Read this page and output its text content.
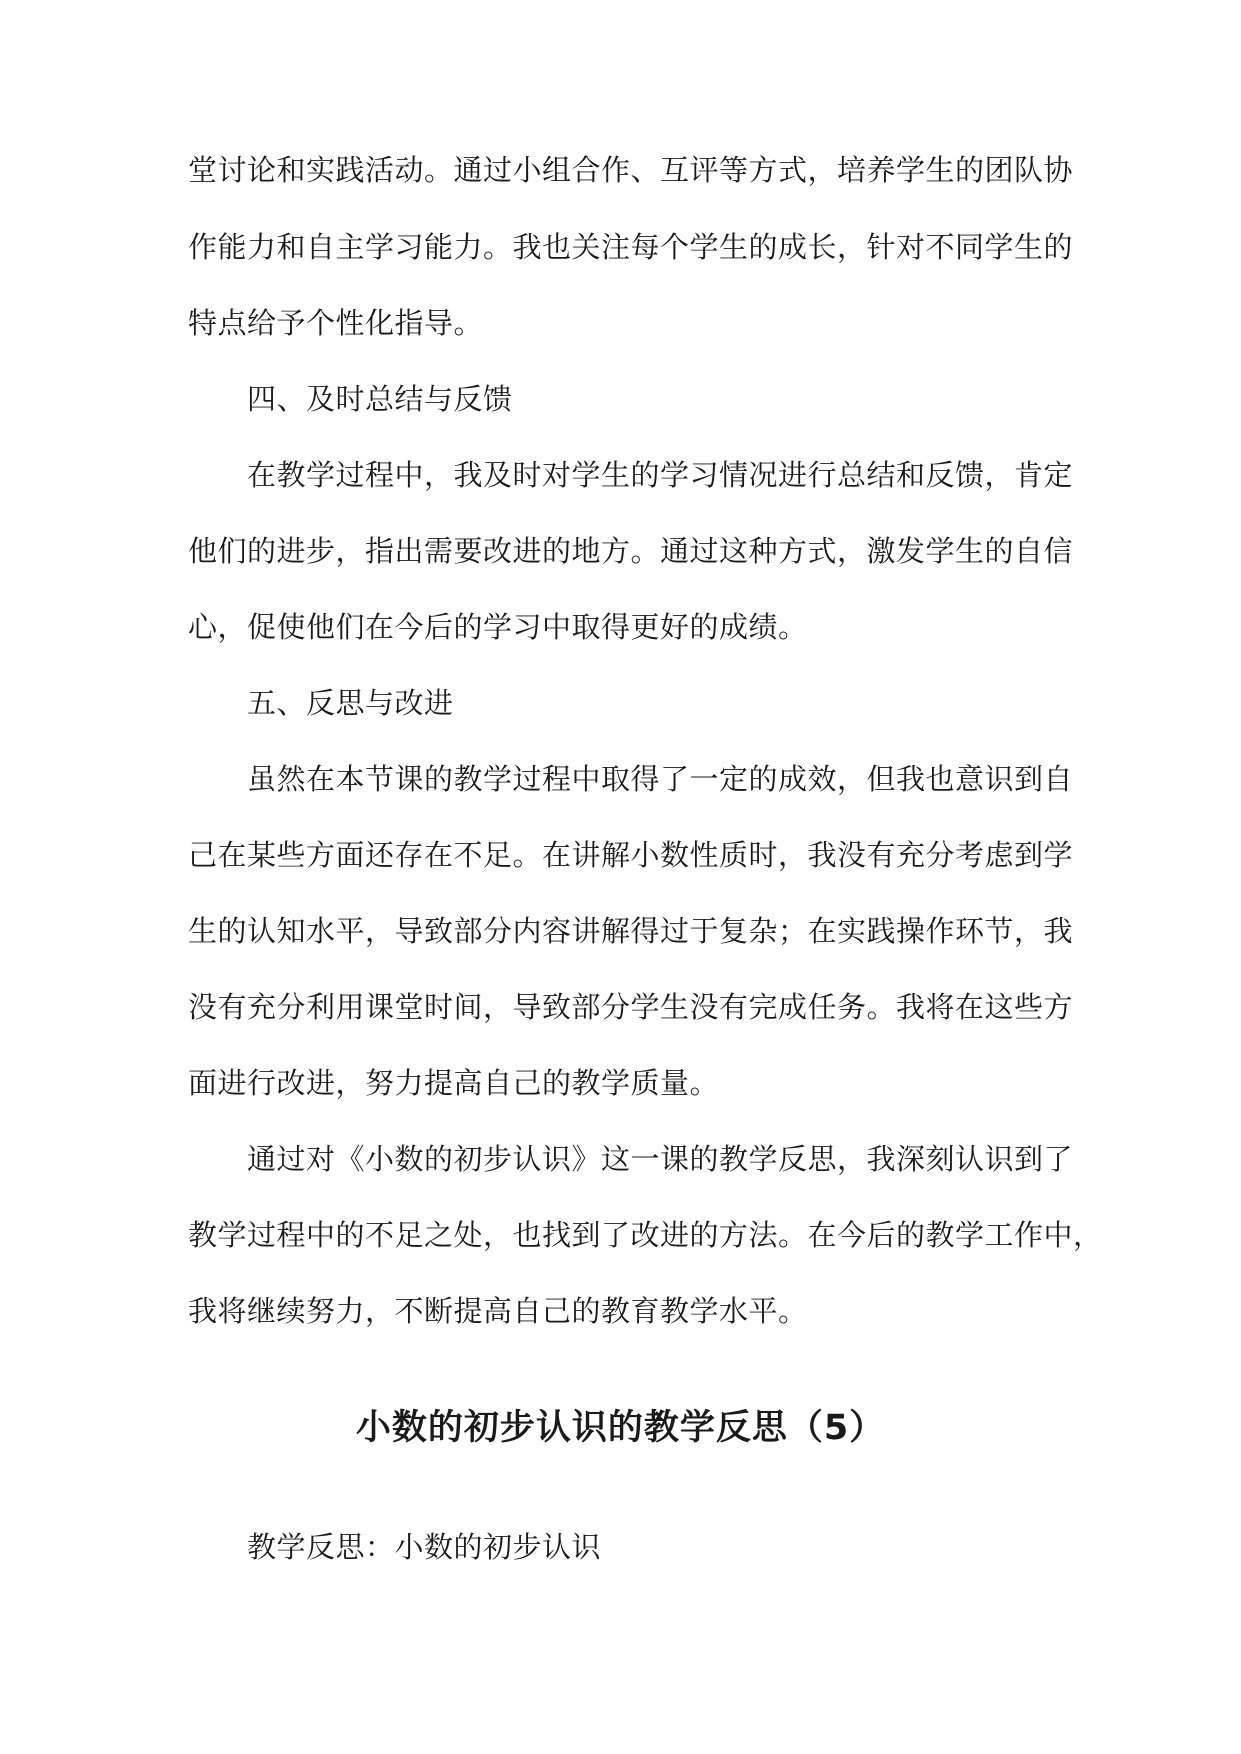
堂讨论和实践活动。通过小组合作、互评等方式，培养学生的团队协
作能力和自主学习能力。我也关注每个学生的成长，针对不同学生的
特点给予个性化指导。
四、及时总结与反馈
在教学过程中，我及时对学生的学习情况进行总结和反馈，肯定
他们的进步，指出需要改进的地方。通过这种方式，激发学生的自信
心，促使他们在今后的学习中取得更好的成绩。
五、反思与改进
虽然在本节课的教学过程中取得了一定的成效，但我也意识到自
己在某些方面还存在不足。在讲解小数性质时，我没有充分考虑到学
生的认知水平，导致部分内容讲解得过于复杂；在实践操作环节，我
没有充分利用课堂时间，导致部分学生没有完成任务。我将在这些方
面进行改进，努力提高自己的教学质量。
通过对《小数的初步认识》这一课的教学反思，我深刻认识到了
教学过程中的不足之处，也找到了改进的方法。在今后的教学工作中，
我将继续努力，不断提高自己的教育教学水平。
小数的初步认识的教学反思（5）
教学反思：小数的初步认识
